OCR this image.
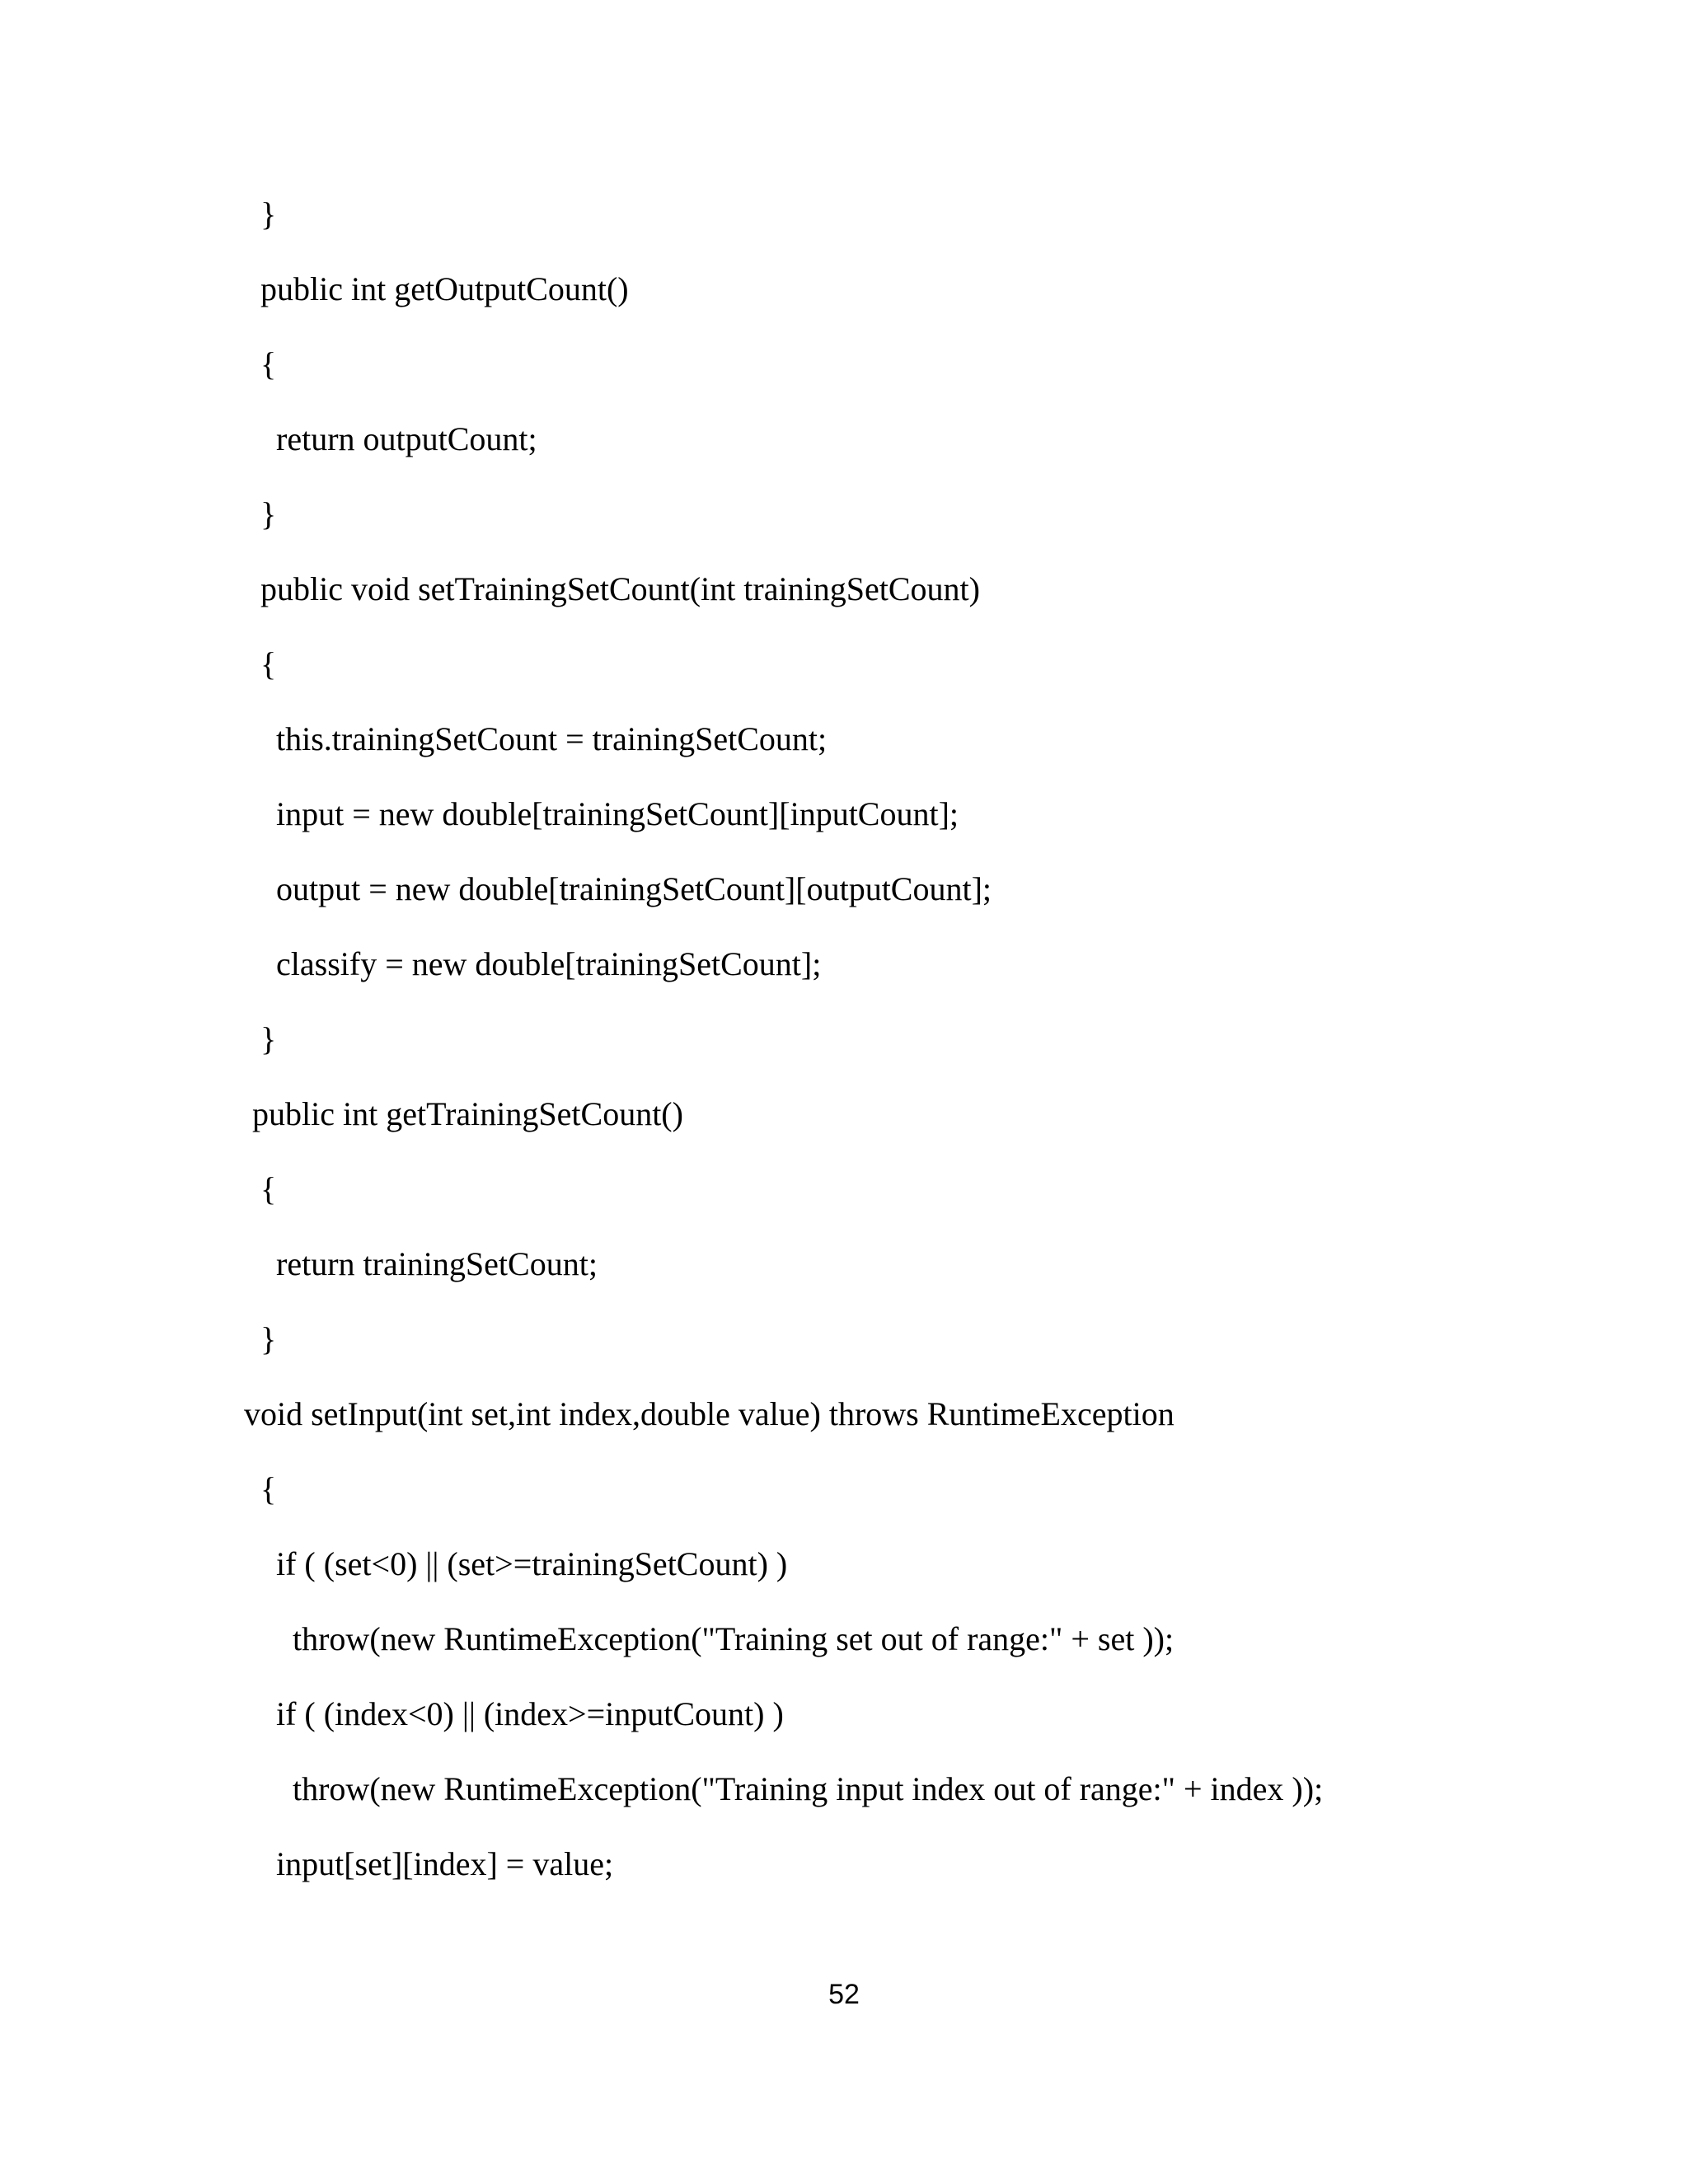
}
public int getOutputCount()
{
return outputCount;
}
public void setTrainingSetCount(int trainingSetCount)
{
this.trainingSetCount = trainingSetCount;
input = new double[trainingSetCount][inputCount];
output = new double[trainingSetCount][outputCount];
classify = new double[trainingSetCount];
}
public int getTrainingSetCount()
{
return trainingSetCount;
}
void setInput(int set,int index,double value) throws RuntimeException
{
if ( (set<0) || (set>=trainingSetCount) )
throw(new RuntimeException("Training set out of range:" + set ));
if ( (index<0) || (index>=inputCount) )
throw(new RuntimeException("Training input index out of range:" + index ));
input[set][index] = value;
52
